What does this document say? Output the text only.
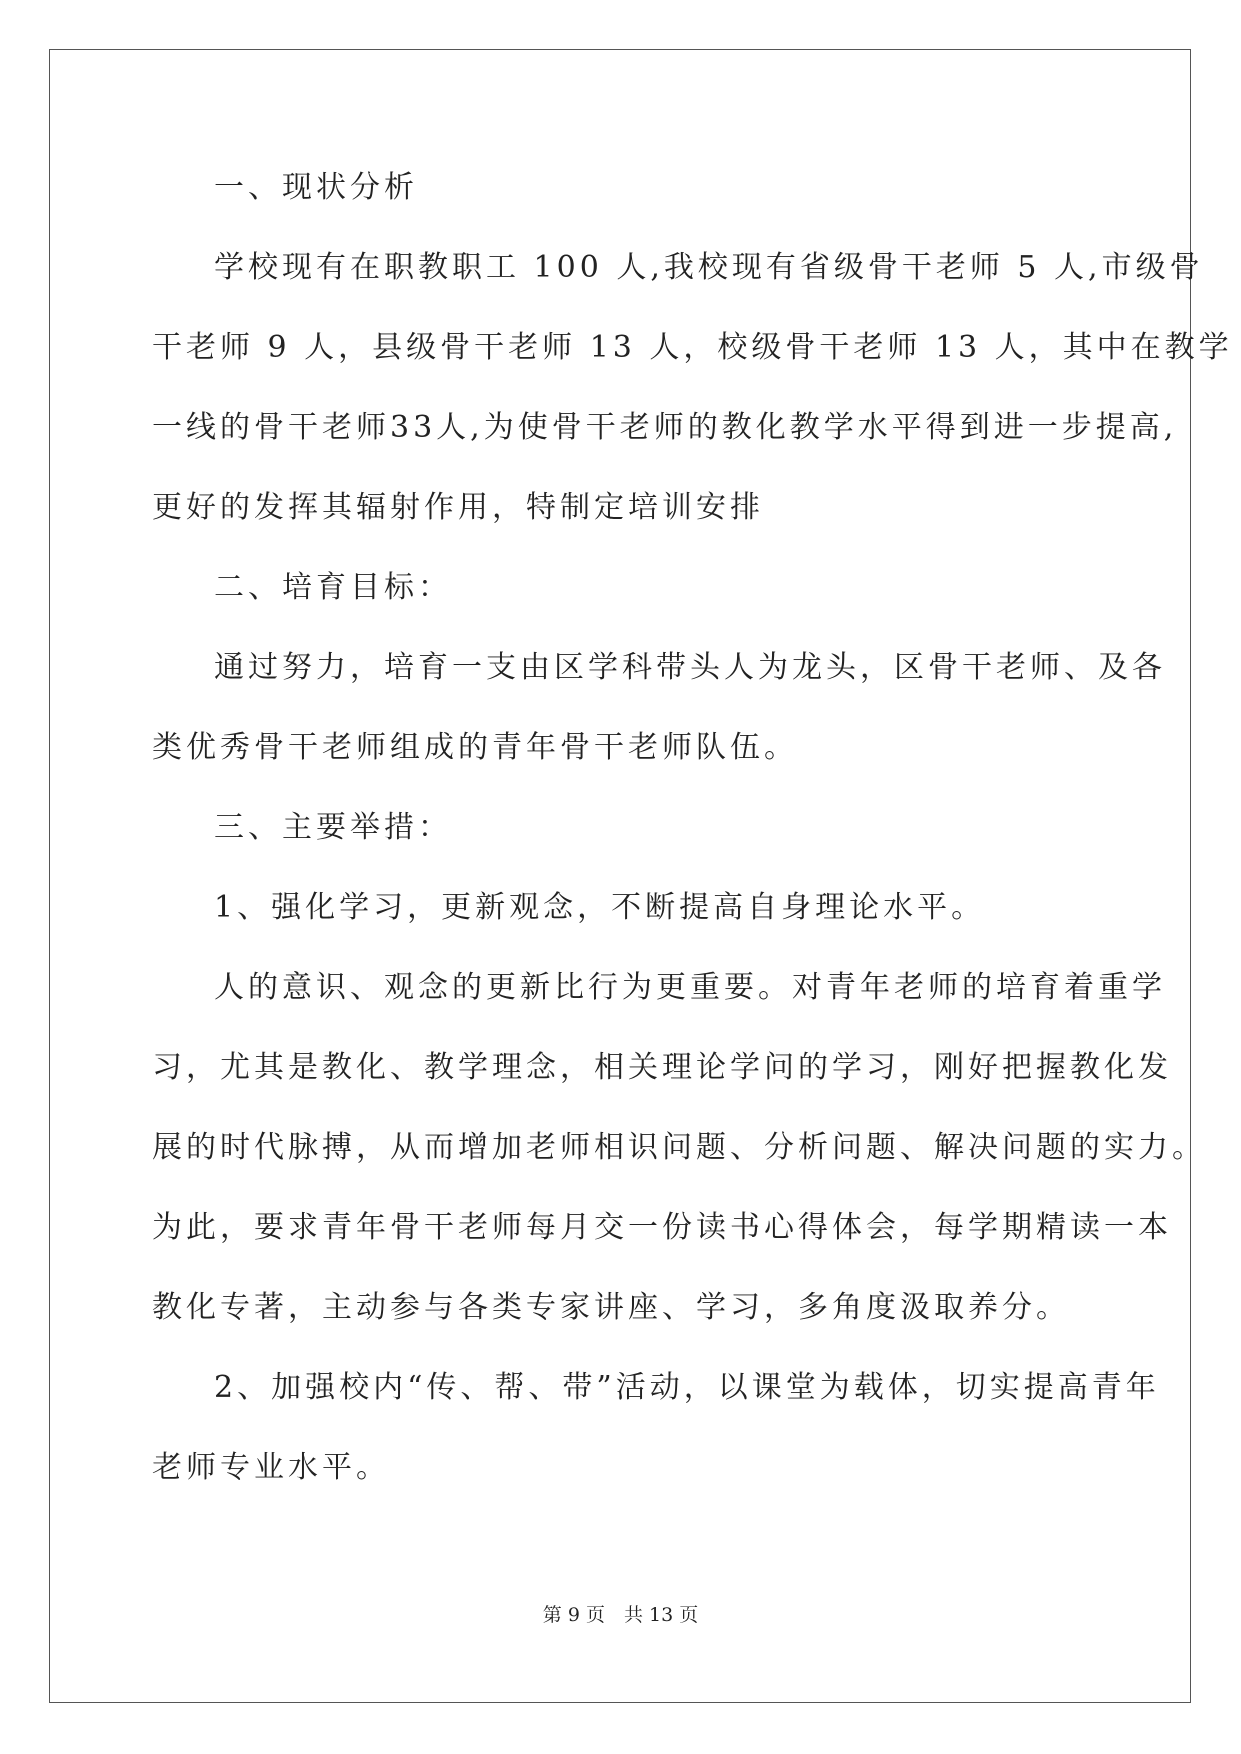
一、现状分析
学校现有在职教职工 100 人,我校现有省级骨干老师 5 人,市级骨
干老师 9 人，县级骨干老师 13 人，校级骨干老师 13 人，其中在教学
一线的骨干老师33人,为使骨干老师的教化教学水平得到进一步提高,
更好的发挥其辐射作用，特制定培训安排
二、培育目标：
通过努力，培育一支由区学科带头人为龙头，区骨干老师、及各
类优秀骨干老师组成的青年骨干老师队伍。
三、主要举措：
1、强化学习，更新观念，不断提高自身理论水平。
人的意识、观念的更新比行为更重要。对青年老师的培育着重学
习，尤其是教化、教学理念，相关理论学问的学习，刚好把握教化发
展的时代脉搏，从而增加老师相识问题、分析问题、解决问题的实力。
为此，要求青年骨干老师每月交一份读书心得体会，每学期精读一本
教化专著，主动参与各类专家讲座、学习，多角度汲取养分。
2、加强校内“传、帮、带”活动，以课堂为载体，切实提高青年
老师专业水平。
第 9 页　共 13 页
